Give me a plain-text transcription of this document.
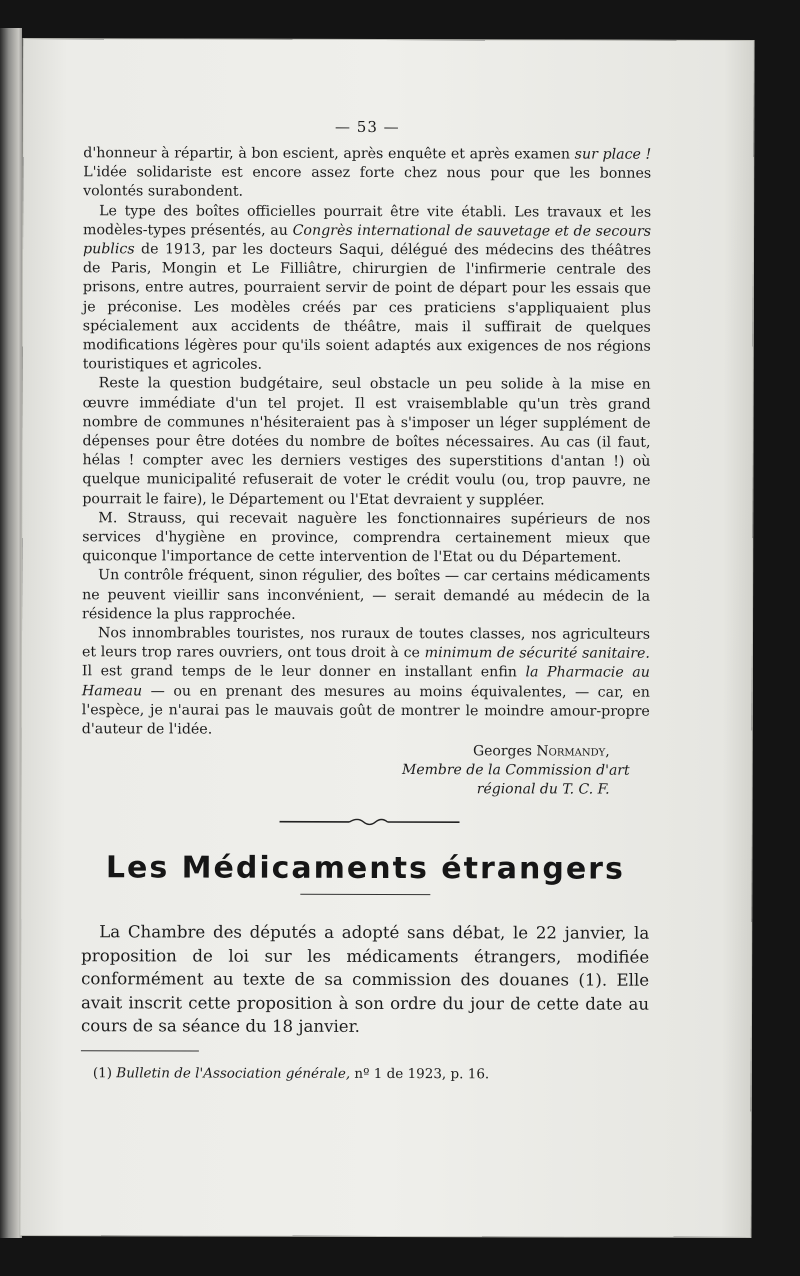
— 53 —

d'honneur à répartir, à bon escient, après enquête et après examen sur place ! L'idée solidariste est encore assez forte chez nous pour que les bonnes volontés surabondent.

Le type des boîtes officielles pourrait être vite établi. Les travaux et les modèles-types présentés, au Congrès international de sauvetage et de secours publics de 1913, par les docteurs Saqui, délégué des médecins des théâtres de Paris, Mongin et Le Filliâtre, chirurgien de l'infirmerie centrale des prisons, entre autres, pourraient servir de point de départ pour les essais que je préconise. Les modèles créés par ces praticiens s'appliquaient plus spécialement aux accidents de théâtre, mais il suffirait de quelques modifications légères pour qu'ils soient adaptés aux exigences de nos régions touristiques et agricoles.

Reste la question budgétaire, seul obstacle un peu solide à la mise en œuvre immédiate d'un tel projet. Il est vraisemblable qu'un très grand nombre de communes n'hésiteraient pas à s'imposer un léger supplément de dépenses pour être dotées du nombre de boîtes nécessaires. Au cas (il faut, hélas ! compter avec les derniers vestiges des superstitions d'antan !) où quelque municipalité refuserait de voter le crédit voulu (ou, trop pauvre, ne pourrait le faire), le Département ou l'Etat devraient y suppléer.

M. Strauss, qui recevait naguère les fonctionnaires supérieurs de nos services d'hygiène en province, comprendra certainement mieux que quiconque l'importance de cette intervention de l'Etat ou du Département.

Un contrôle fréquent, sinon régulier, des boîtes — car certains médicaments ne peuvent vieillir sans inconvénient, — serait demandé au médecin de la résidence la plus rapprochée.

Nos innombrables touristes, nos ruraux de toutes classes, nos agriculteurs et leurs trop rares ouvriers, ont tous droit à ce minimum de sécurité sanitaire. Il est grand temps de le leur donner en installant enfin la Pharmacie au Hameau — ou en prenant des mesures au moins équivalentes, — car, en l'espèce, je n'aurai pas le mauvais goût de montrer le moindre amour-propre d'auteur de l'idée.

Georges Normandy,
Membre de la Commission d'art
régional du T. C. F.
Les Médicaments étrangers

La Chambre des députés a adopté sans débat, le 22 janvier, la proposition de loi sur les médicaments étrangers, modifiée conformément au texte de sa commission des douanes (1). Elle avait inscrit cette proposition à son ordre du jour de cette date au cours de sa séance du 18 janvier.

(1) Bulletin de l'Association générale, nº 1 de 1923, p. 16.
